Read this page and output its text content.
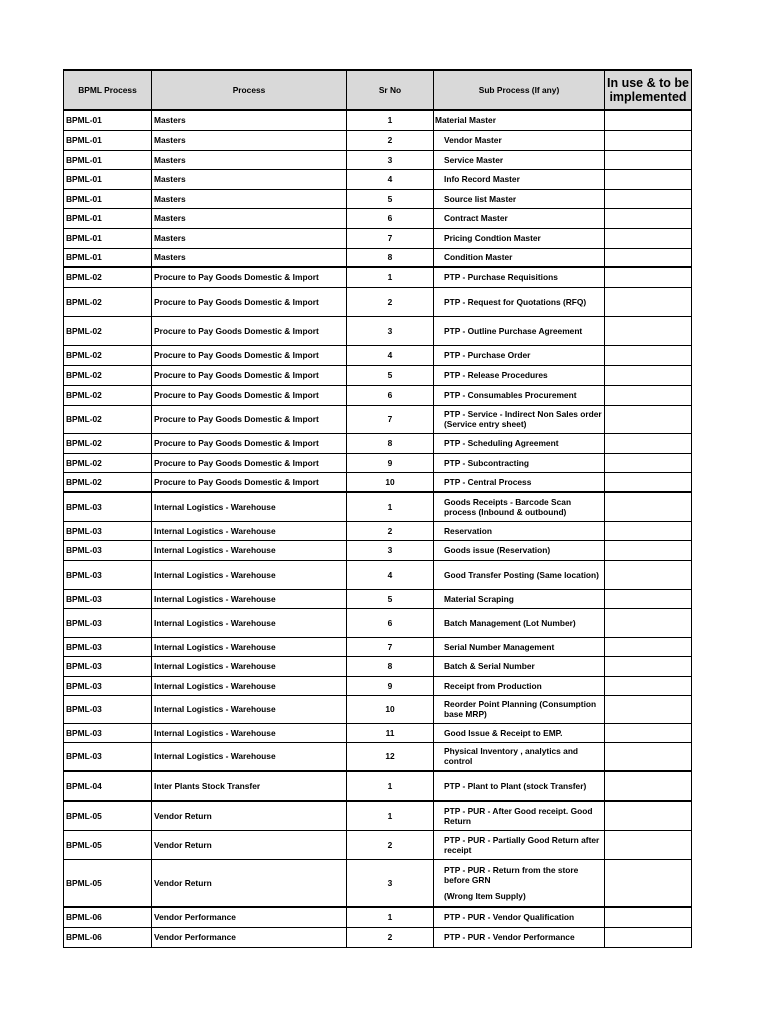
BPML Process	Process	Sr No	Sub Process (If any)	In use & to be implemented
BPML-01	Masters	1	Material Master	

BPML-01	Masters	2	Vendor Master	

BPML-01	Masters	3	Service Master	

BPML-01	Masters	4	Info Record Master	

BPML-01	Masters	5	Source list Master	

BPML-01	Masters	6	Contract Master	

BPML-01	Masters	7	Pricing Condtion Master	

BPML-01	Masters	8	Condition Master	

BPML-02	Procure to Pay Goods Domestic & Import	1	PTP - Purchase Requisitions	

BPML-02	Procure to Pay Goods Domestic & Import	2	PTP - Request for Quotations (RFQ)	

BPML-02	Procure to Pay Goods Domestic & Import	3	PTP - Outline Purchase Agreement	

BPML-02	Procure to Pay Goods Domestic & Import	4	PTP - Purchase Order	

BPML-02	Procure to Pay Goods Domestic & Import	5	PTP - Release Procedures	

BPML-02	Procure to Pay Goods Domestic & Import	6	PTP - Consumables Procurement	

BPML-02	Procure to Pay Goods Domestic & Import	7	PTP - Service - Indirect Non Sales order
(Service entry sheet)	

BPML-02	Procure to Pay Goods Domestic & Import	8	PTP - Scheduling Agreement	

BPML-02	Procure to Pay Goods Domestic & Import	9	PTP - Subcontracting	

BPML-02	Procure to Pay Goods Domestic & Import	10	PTP - Central Process	

BPML-03	Internal Logistics - Warehouse	1	Goods Receipts - Barcode Scan
process (Inbound & outbound)	

BPML-03	Internal Logistics - Warehouse	2	Reservation	

BPML-03	Internal Logistics - Warehouse	3	Goods issue (Reservation)	

BPML-03	Internal Logistics - Warehouse	4	Good Transfer Posting (Same location)	

BPML-03	Internal Logistics - Warehouse	5	Material Scraping	

BPML-03	Internal Logistics - Warehouse	6	Batch Management (Lot Number)	

BPML-03	Internal Logistics - Warehouse	7	Serial Number Management	

BPML-03	Internal Logistics - Warehouse	8	Batch & Serial Number	

BPML-03	Internal Logistics - Warehouse	9	Receipt from Production	

BPML-03	Internal Logistics - Warehouse	10	Reorder Point Planning (Consumption
base MRP)	

BPML-03	Internal Logistics - Warehouse	11	Good Issue & Receipt to EMP.	

BPML-03	Internal Logistics - Warehouse	12	Physical Inventory , analytics and
control	

BPML-04	Inter Plants Stock Transfer	1	PTP - Plant to Plant (stock Transfer)	

BPML-05	Vendor Return	1	PTP - PUR - After Good receipt. Good
Return	

BPML-05	Vendor Return	2	PTP - PUR - Partially Good Return after
receipt	

BPML-05	Vendor Return	3	PTP - PUR - Return from the store
before GRN
(Wrong Item Supply)	

BPML-06	Vendor Performance	1	PTP - PUR - Vendor Qualification	

BPML-06	Vendor Performance	2	PTP - PUR - Vendor Performance	
